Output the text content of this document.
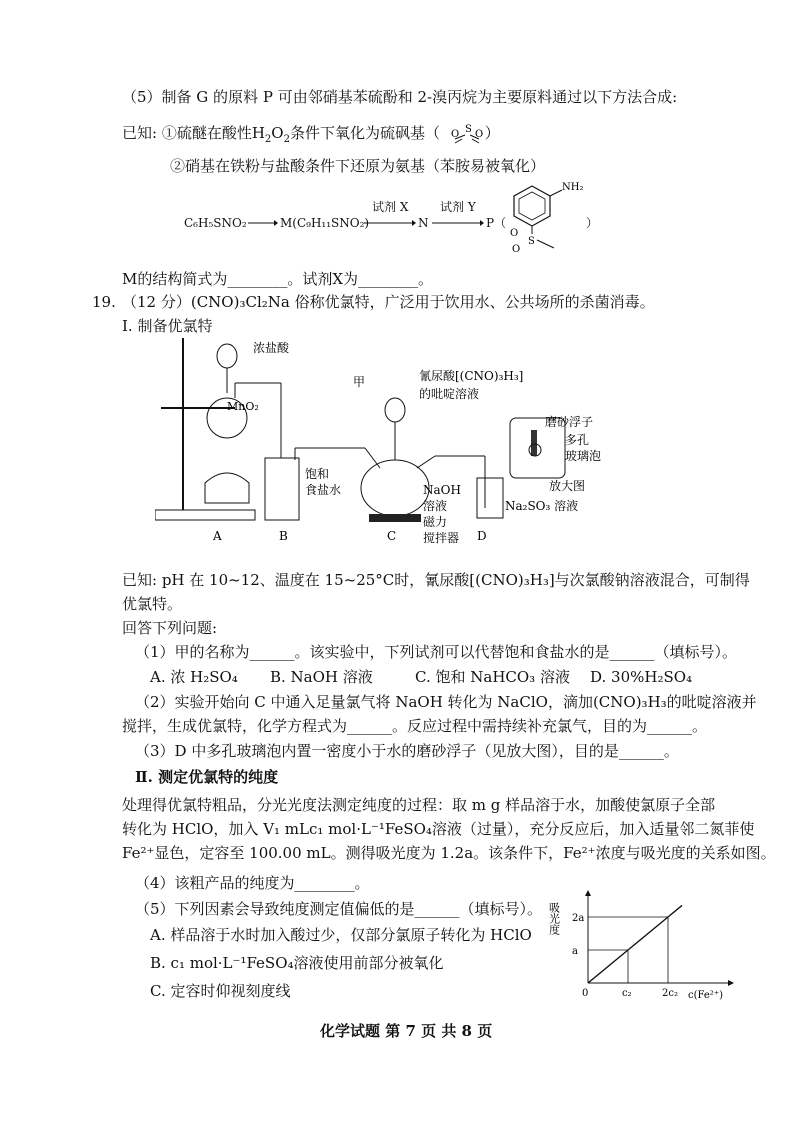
（5）制备 G 的原料 P 可由邻硝基苯硫酚和 2-溴丙烷为主要原料通过以下方法合成:
已知: ①硫醚在酸性$H_2O_2$条件下氧化为硫砜基（ O S O ）
②硝基在铁粉与盐酸条件下还原为氨基（苯胺易被氧化）
C₆H₅SNO₂	M(C₉H₁₁SNO₂)
试剂 X
N
试剂 Y
P（
NH₂
S
O
O
）
M的结构简式为________。试剂X为________。
19. （12 分）(CNO)₃Cl₂Na 俗称优氯特，广泛用于饮用水、公共场所的杀菌消毒。
I. 制备优氯特
浓盐酸
MnO₂
甲	氰尿酸[(CNO)₃H₃]
的吡啶溶液
饱和
食盐水	NaOH
溶液
磁力
搅拌器
磨砂浮子
多孔
玻璃泡
放大图
Na₂SO₃ 溶液
A	B	C	D
已知: pH 在 10~12、温度在 15~25°C时，氰尿酸[(CNO)₃H₃]与次氯酸钠溶液混合，可制得
优氯特。
回答下列问题:
（1）甲的名称为______。该实验中，下列试剂可以代替饱和食盐水的是______（填标号）。
A. 浓 H₂SO₄ B. NaOH 溶液	C. 饱和 NaHCO₃ 溶液 D. 30%H₂SO₄
（2）实验开始向 C 中通入足量氯气将 NaOH 转化为 NaClO，滴加(CNO)₃H₃的吡啶溶液并
搅拌，生成优氯特，化学方程式为______。反应过程中需持续补充氯气，目的为______。
（3）D 中多孔玻璃泡内置一密度小于水的磨砂浮子（见放大图），目的是______。
Ⅱ. 测定优氯特的纯度
处理得优氯特粗品，分光光度法测定纯度的过程：取 m g 样品溶于水，加酸使氯原子全部
转化为 HClO，加入 V₁ mLc₁ mol·L⁻¹FeSO₄溶液（过量），充分反应后，加入适量邻二氮菲使
Fe²⁺显色，定容至 100.00 mL。测得吸光度为 1.2a。该条件下，Fe²⁺浓度与吸光度的关系如图。
（4）该粗产品的纯度为________。
（5）下列因素会导致纯度测定值偏低的是______（填标号）。
A. 样品溶于水时加入酸过少，仅部分氯原子转化为 HClO
B. c₁ mol·L⁻¹FeSO₄溶液使用前部分被氧化
C. 定容时仰视刻度线
吸光度
c(Fe²⁺)
0
a
c₂
2a
2c₂
化学试题 第 7 页 共 8 页
